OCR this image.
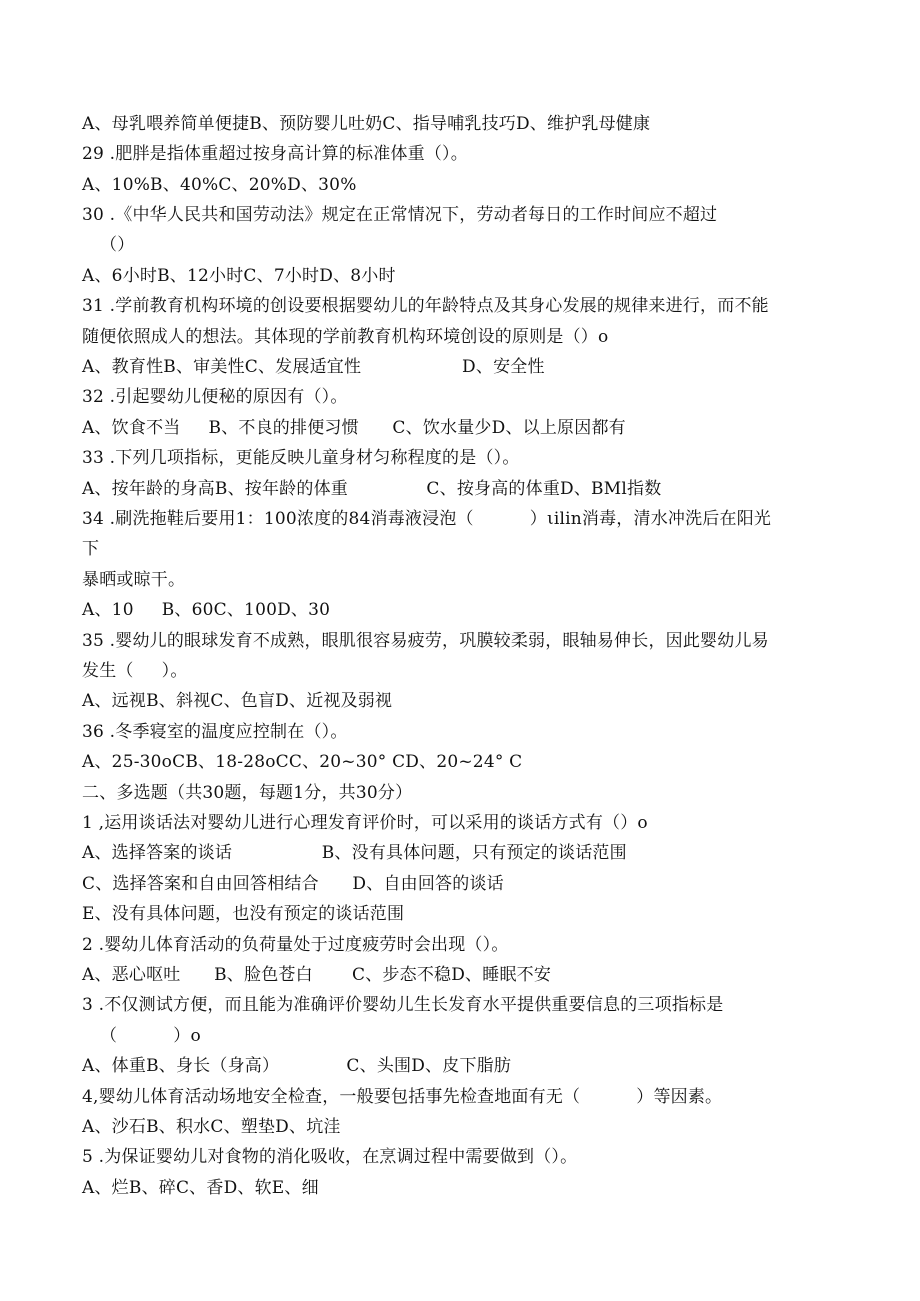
A、母乳喂养简单便捷B、预防婴儿吐奶C、指导哺乳技巧D、维护乳母健康
29 .肥胖是指体重超过按身高计算的标准体重（）。
A、10%B、40%C、20%D、30%
30 .《中华人民共和国劳动法》规定在正常情况下，劳动者每日的工作时间应不超过
（）
A、6小时B、12小时C、7小时D、8小时
31 .学前教育机构环境的创设要根据婴幼儿的年龄特点及其身心发展的规律来进行，而不能
随便依照成人的想法。其体现的学前教育机构环境创设的原则是（）o
A、教育性B、审美性C、发展适宜性                  D、安全性
32 .引起婴幼儿便秘的原因有（）。
A、饮食不当     B、不良的排便习惯      C、饮水量少D、以上原因都有
33 .下列几项指标，更能反映儿童身材匀称程度的是（）。
A、按年龄的身高B、按年龄的体重              C、按身高的体重D、BMl指数
34 .刷洗拖鞋后要用1：100浓度的84消毒液浸泡（          ）ιilin消毒，清水冲洗后在阳光
下
暴晒或晾干。
A、10     B、60C、100D、30
35 .婴幼儿的眼球发育不成熟，眼肌很容易疲劳，巩膜较柔弱，眼轴易伸长，因此婴幼儿易
发生（     ）。
A、远视B、斜视C、色盲D、近视及弱视
36 .冬季寝室的温度应控制在（）。
A、25-30oCB、18-28oCC、20~30° CD、20~24° C
二、多选题（共30题，每题1分，共30分）
1 ,运用谈话法对婴幼儿进行心理发育评价时，可以采用的谈话方式有（）o
A、选择答案的谈话                B、没有具体问题，只有预定的谈话范围
C、选择答案和自由回答相结合      D、自由回答的谈话
E、没有具体问题，也没有预定的谈话范围
2 .婴幼儿体育活动的负荷量处于过度疲劳时会出现（）。
A、恶心呕吐      B、脸色苍白       C、步态不稳D、睡眠不安
3 .不仅测试方便，而且能为准确评价婴幼儿生长发育水平提供重要信息的三项指标是
（          ）o
A、体重B、身长（身高）            C、头围D、皮下脂肪
4,婴幼儿体育活动场地安全检查，一般要包括事先检查地面有无（          ）等因素。
A、沙石B、积水C、塑垫D、坑洼
5 .为保证婴幼儿对食物的消化吸收，在烹调过程中需要做到（）。
A、烂B、碎C、香D、软E、细
